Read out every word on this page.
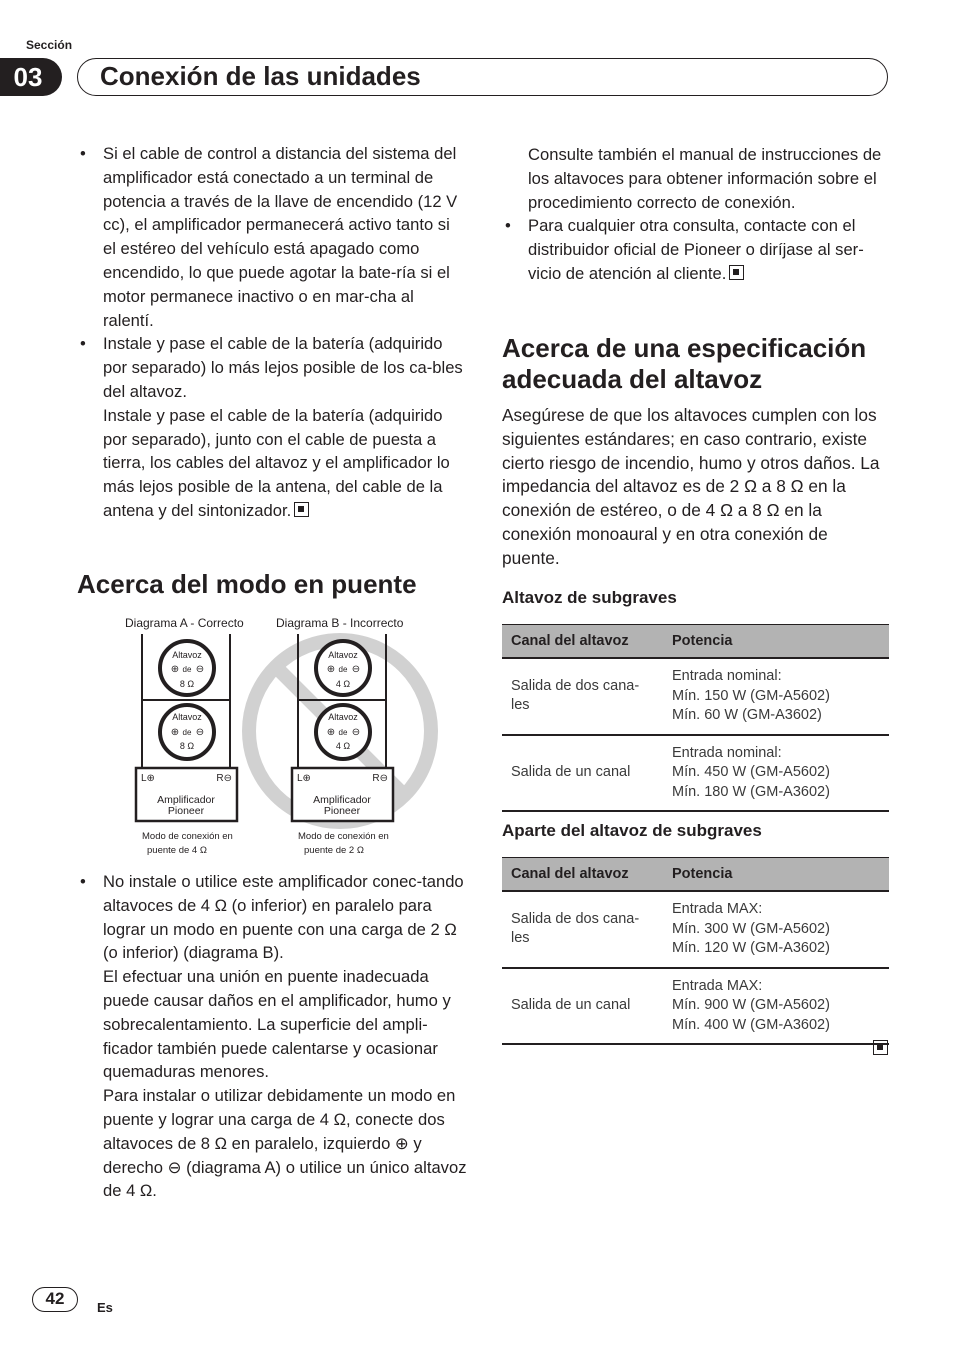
Sección
03	Conexión de las unidades
• Si el cable de control a distancia del sistema del amplificador está conectado a un terminal de potencia a través de la llave de encendido (12 V cc), el amplificador permanecerá activo tanto si el estéreo del vehículo está apagado como encendido, lo que puede agotar la bate-ría si el motor permanece inactivo o en mar-cha al ralentí.
• Instale y pase el cable de la batería (adquirido por separado) lo más lejos posible de los ca-bles del altavoz.
Instale y pase el cable de la batería (adquirido por separado), junto con el cable de puesta a tierra, los cables del altavoz y el amplificador lo más lejos posible de la antena, del cable de la antena y del sintonizador.
Acerca del modo en puente
Diagrama A - Correcto
Altavoz
⊕ de ⊖
8 Ω
Altavoz
⊕ de ⊖
8 Ω
L⊕	R⊖
Amplificador
Pioneer
Modo de conexión en
puente de 4 Ω
Diagrama B - Incorrecto
Altavoz
⊕ de ⊖
4 Ω
Altavoz
⊕ de ⊖
4 Ω
L⊕	R⊖
Amplificador
Pioneer
Modo de conexión en
puente de 2 Ω
• No instale o utilice este amplificador conec-tando altavoces de 4 Ω (o inferior) en paralelo para lograr un modo en puente con una carga de 2 Ω (o inferior) (diagrama B).
El efectuar una unión en puente inadecuada puede causar daños en el amplificador, humo y sobrecalentamiento. La superficie del ampli-ficador también puede calentarse y ocasionar quemaduras menores.
Para instalar o utilizar debidamente un modo en puente y lograr una carga de 4 Ω, conecte dos altavoces de 8 Ω en paralelo, izquierdo ⊕ y derecho ⊖ (diagrama A) o utilice un único altavoz de 4 Ω.
Consulte también el manual de instrucciones de los altavoces para obtener información sobre el procedimiento correcto de conexión.
• Para cualquier otra consulta, contacte con el distribuidor oficial de Pioneer o diríjase al ser-vicio de atención al cliente.
Acerca de una especificación adecuada del altavoz
Asegúrese de que los altavoces cumplen con los siguientes estándares; en caso contrario, existe cierto riesgo de incendio, humo y otros daños. La impedancia del altavoz es de 2 Ω a 8 Ω en la conexión de estéreo, o de 4 Ω a 8 Ω en la conexión monoaural y en otra conexión de puente.
Altavoz de subgraves
Canal del altavoz	Potencia
Salida de dos cana-les	Entrada nominal:
Mín. 150 W (GM-A5602)
Mín. 60 W (GM-A3602)

Salida de un canal	Entrada nominal:
Mín. 450 W (GM-A5602)
Mín. 180 W (GM-A3602)
Aparte del altavoz de subgraves
Canal del altavoz	Potencia
Salida de dos cana-les	Entrada MAX:
Mín. 300 W (GM-A5602)
Mín. 120 W (GM-A3602)

Salida de un canal	Entrada MAX:
Mín. 900 W (GM-A5602)
Mín. 400 W (GM-A3602)
42	Es
